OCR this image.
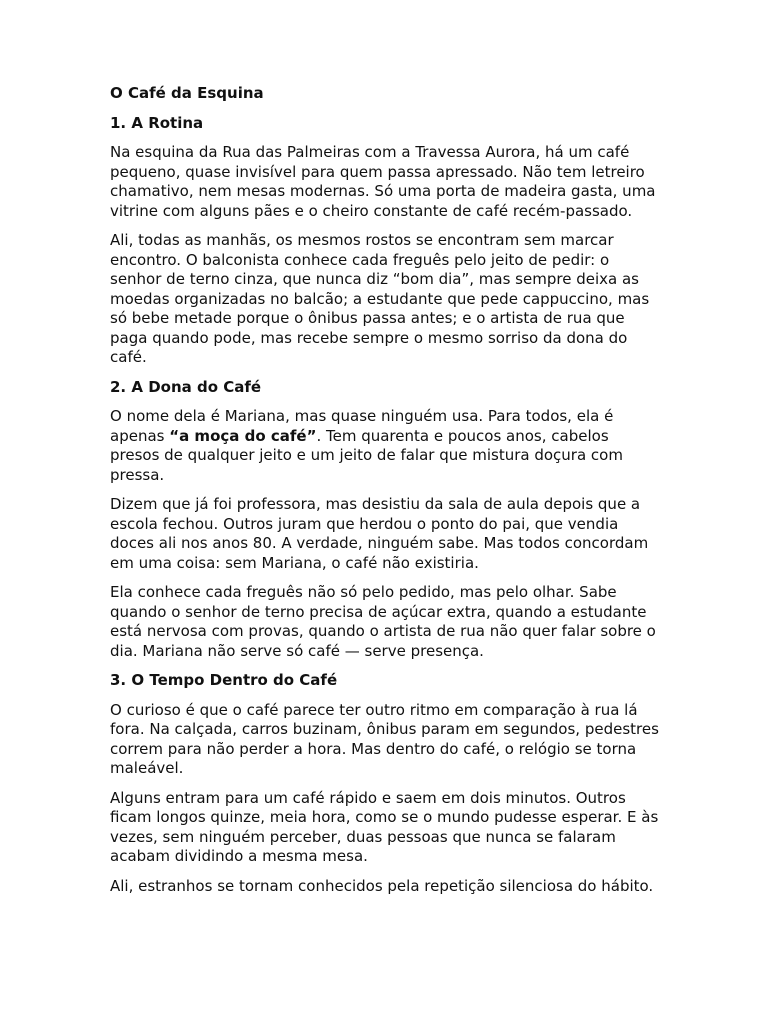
O Café da Esquina
1. A Rotina

Na esquina da Rua das Palmeiras com a Travessa Aurora, há um café pequeno, quase invisível para quem passa apressado. Não tem letreiro chamativo, nem mesas modernas. Só uma porta de madeira gasta, uma vitrine com alguns pães e o cheiro constante de café recém-passado.

Ali, todas as manhãs, os mesmos rostos se encontram sem marcar encontro. O balconista conhece cada freguês pelo jeito de pedir: o senhor de terno cinza, que nunca diz “bom dia”, mas sempre deixa as moedas organizadas no balcão; a estudante que pede cappuccino, mas só bebe metade porque o ônibus passa antes; e o artista de rua que paga quando pode, mas recebe sempre o mesmo sorriso da dona do café.

2. A Dona do Café

O nome dela é Mariana, mas quase ninguém usa. Para todos, ela é apenas “a moça do café”. Tem quarenta e poucos anos, cabelos presos de qualquer jeito e um jeito de falar que mistura doçura com pressa.

Dizem que já foi professora, mas desistiu da sala de aula depois que a escola fechou. Outros juram que herdou o ponto do pai, que vendia doces ali nos anos 80. A verdade, ninguém sabe. Mas todos concordam em uma coisa: sem Mariana, o café não existiria.

Ela conhece cada freguês não só pelo pedido, mas pelo olhar. Sabe quando o senhor de terno precisa de açúcar extra, quando a estudante está nervosa com provas, quando o artista de rua não quer falar sobre o dia. Mariana não serve só café — serve presença.

3. O Tempo Dentro do Café

O curioso é que o café parece ter outro ritmo em comparação à rua lá fora. Na calçada, carros buzinam, ônibus param em segundos, pedestres correm para não perder a hora. Mas dentro do café, o relógio se torna maleável.

Alguns entram para um café rápido e saem em dois minutos. Outros ficam longos quinze, meia hora, como se o mundo pudesse esperar. E às vezes, sem ninguém perceber, duas pessoas que nunca se falaram acabam dividindo a mesma mesa.

Ali, estranhos se tornam conhecidos pela repetição silenciosa do hábito.
